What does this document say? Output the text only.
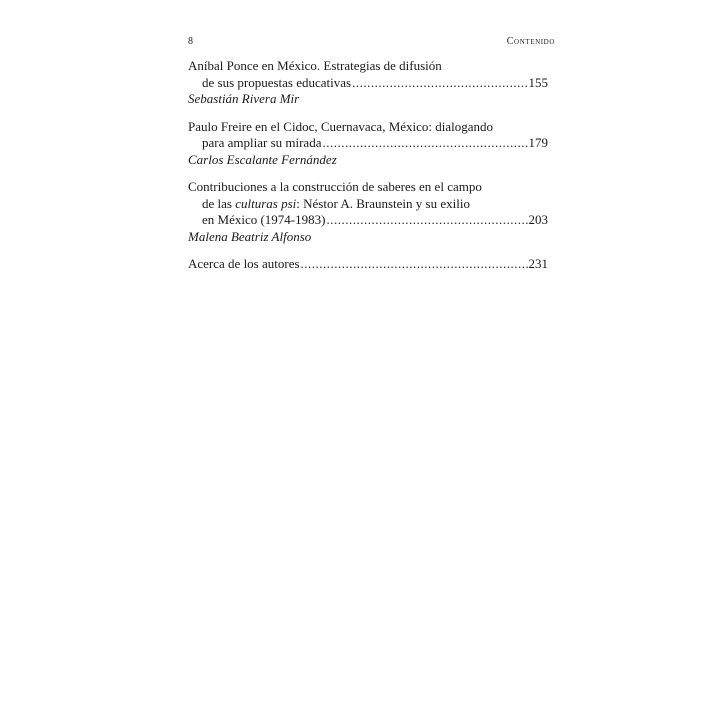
8	Contenido
Aníbal Ponce en México. Estrategias de difusión
de sus propuestas educativas .....	155
Sebastián Rivera Mir
Paulo Freire en el Cidoc, Cuernavaca, México: dialogando
para ampliar su mirada .....	179
Carlos Escalante Fernández
Contribuciones a la construcción de saberes en el campo
de las culturas psi: Néstor A. Braunstein y su exilio
en México (1974-1983) .....	203
Malena Beatriz Alfonso
Acerca de los autores .....	231
